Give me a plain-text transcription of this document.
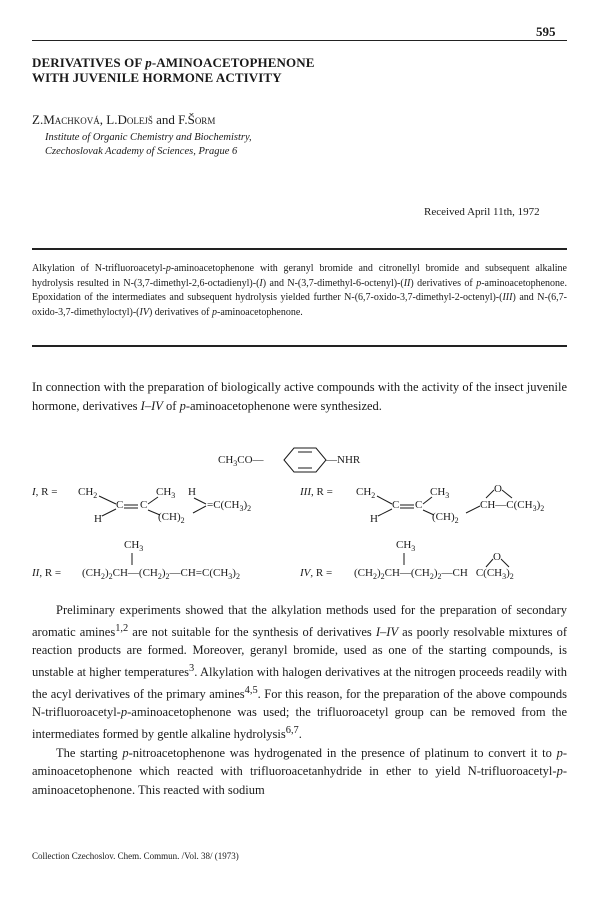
595
DERIVATIVES OF p-AMINOACETOPHENONE
WITH JUVENILE HORMONE ACTIVITY
Z.Machková, L.Dolejš and F.Šorm
Institute of Organic Chemistry and Biochemistry,
Czechoslovak Academy of Sciences, Prague 6
Received April 11th, 1972
Alkylation of N-trifluoroacetyl-p-aminoacetophenone with geranyl bromide and citronellyl bromide and subsequent alkaline hydrolysis resulted in N-(3,7-dimethyl-2,6-octadienyl)-(I) and N-(3,7-dimethyl-6-octenyl)-(II) derivatives of p-aminoacetophenone. Epoxidation of the intermediates and subsequent hydrolysis yielded further N-(6,7-oxido-3,7-dimethyl-2-octenyl)-(III) and N-(6,7-oxido-3,7-dimethyloctyl)-(IV) derivatives of p-aminoacetophenone.
In connection with the preparation of biologically active compounds with the activity of the insect juvenile hormone, derivatives I–IV of p-aminoacetophenone were synthesized.
$CH_3CO—$	—NHR
I, $R = CH_2$
C
H
C
$CH_3$ H
$(CH)_2$
$=C(CH_3)_2$
III, $R = CH_2$
C
H
C
$CH_3$
$(CH)_2$
O
$CH—C(CH_3)_2$
$CH_3$
II, $R = (CH_2)_2CH—(CH_2)_2—CH=C(CH_3)_2$
$CH_3$
IV, $R = (CH_2)_2CH—(CH_2)_2—CH$ $C(CH_3)_2$
O

Preliminary experiments showed that the alkylation methods used for the preparation of secondary aromatic amines$^{1,2}$ are not suitable for the synthesis of derivatives I–IV as poorly resolvable mixtures of reaction products are formed. Moreover, geranyl bromide, used as one of the starting compounds, is unstable at higher temperatures$^3$. Alkylation with halogen derivatives at the nitrogen proceeds readily with the acyl derivatives of the primary amines$^{4,5}$. For this reason, for the preparation of the above compounds N-trifluoroacetyl-p-aminoacetophenone was used; the trifluoroacetyl group can be removed from the intermediates formed by gentle alkaline hydrolysis$^{6,7}$.

The starting p-nitroacetophenone was hydrogenated in the presence of platinum to convert it to p-aminoacetophenone which reacted with trifluoroacetanhydride in ether to yield N-trifluoroacetyl-p-aminoacetophenone. This reacted with sodium

Collection Czechoslov. Chem. Commun. /Vol. 38/ (1973)
